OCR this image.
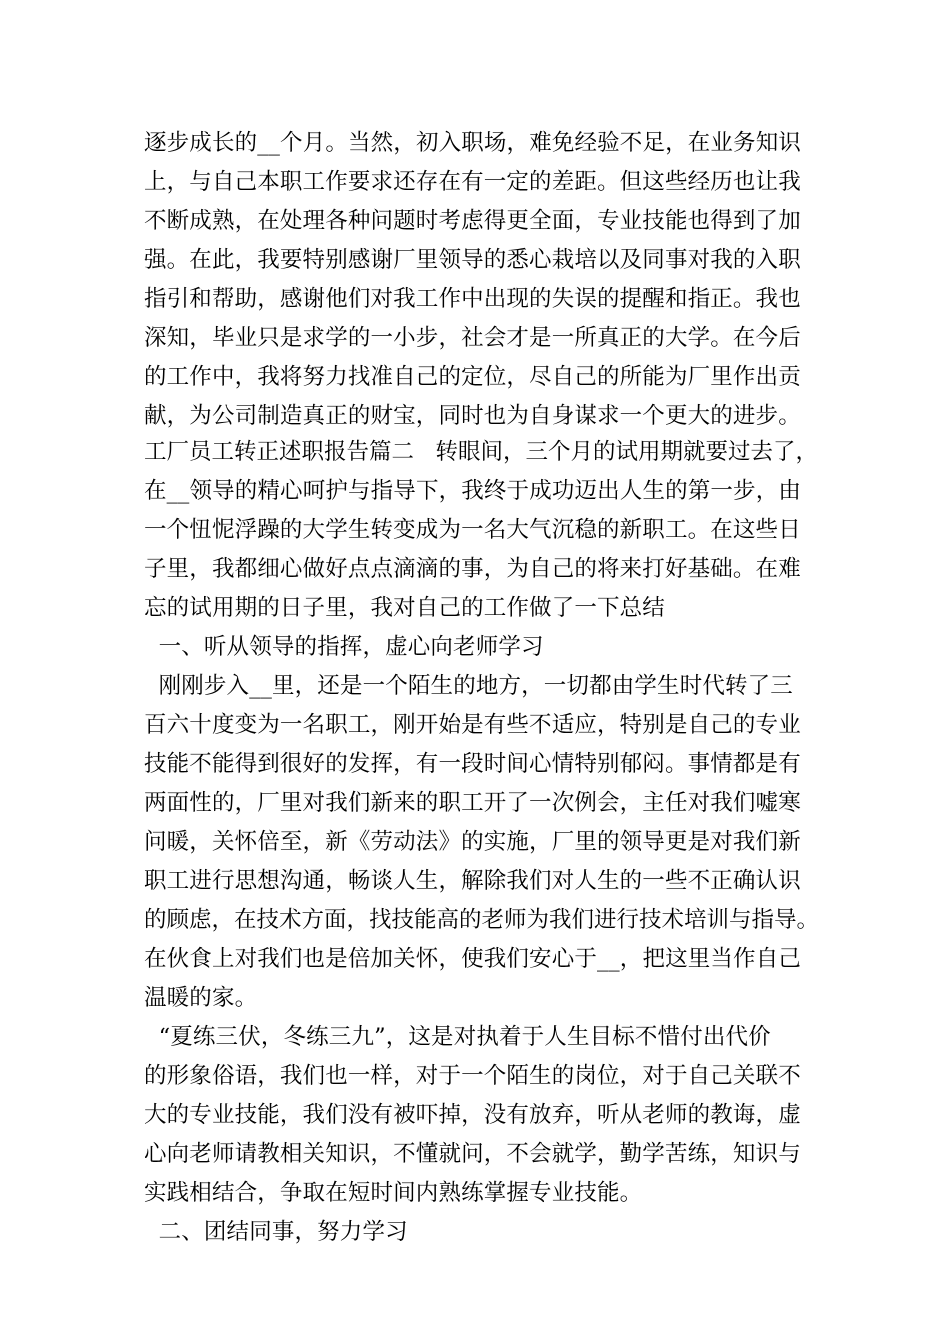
逐步成长的__个月。当然，初入职场，难免经验不足，在业务知识
上，与自己本职工作要求还存在有一定的差距。但这些经历也让我
不断成熟，在处理各种问题时考虑得更全面，专业技能也得到了加
强。在此，我要特别感谢厂里领导的悉心栽培以及同事对我的入职
指引和帮助，感谢他们对我工作中出现的失误的提醒和指正。我也
深知，毕业只是求学的一小步，社会才是一所真正的大学。在今后
的工作中，我将努力找准自己的定位，尽自己的所能为厂里作出贡
献，为公司制造真正的财宝，同时也为自身谋求一个更大的进步。
工厂员工转正述职报告篇二   转眼间，三个月的试用期就要过去了，
在__领导的精心呵护与指导下，我终于成功迈出人生的第一步，由
一个忸怩浮躁的大学生转变成为一名大气沉稳的新职工。在这些日
子里，我都细心做好点点滴滴的事，为自己的将来打好基础。在难
忘的试用期的日子里，我对自己的工作做了一下总结
一、听从领导的指挥，虚心向老师学习
刚刚步入__里，还是一个陌生的地方，一切都由学生时代转了三
百六十度变为一名职工，刚开始是有些不适应，特别是自己的专业
技能不能得到很好的发挥，有一段时间心情特别郁闷。事情都是有
两面性的，厂里对我们新来的职工开了一次例会，主任对我们嘘寒
问暖，关怀倍至，新《劳动法》的实施，厂里的领导更是对我们新
职工进行思想沟通，畅谈人生，解除我们对人生的一些不正确认识
的顾虑，在技术方面，找技能高的老师为我们进行技术培训与指导。
在伙食上对我们也是倍加关怀，使我们安心于__，把这里当作自己
温暖的家。
“夏练三伏，冬练三九”，这是对执着于人生目标不惜付出代价
的形象俗语，我们也一样，对于一个陌生的岗位，对于自己关联不
大的专业技能，我们没有被吓掉，没有放弃，听从老师的教诲，虚
心向老师请教相关知识，不懂就问，不会就学，勤学苦练，知识与
实践相结合，争取在短时间内熟练掌握专业技能。
二、团结同事，努力学习
